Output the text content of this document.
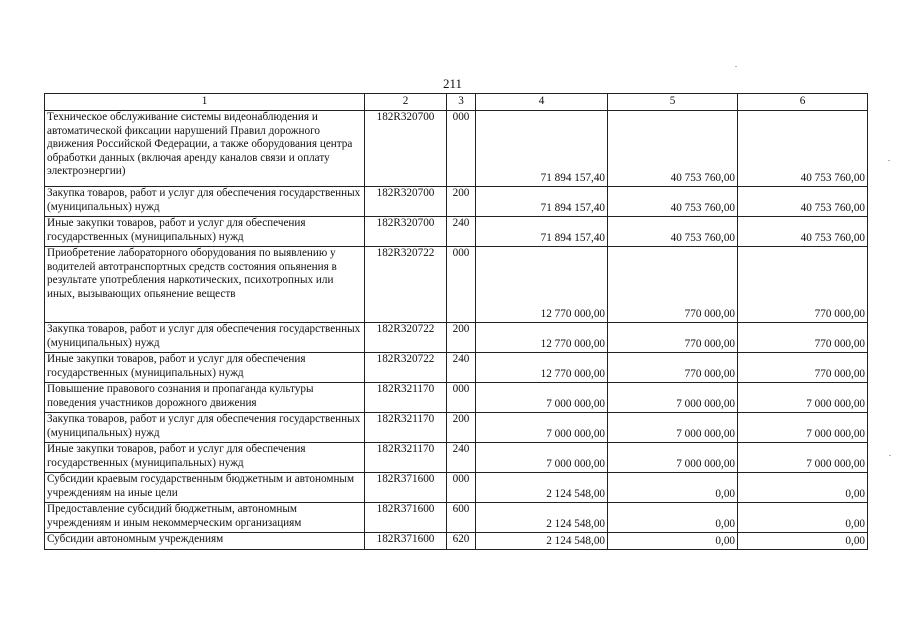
211
1	2	3	4	5	6
Техническое обслуживание системы видеонаблюдения и автоматической фиксации нарушений Правил дорожного движения Российской Федерации, а также оборудования центра обработки данных (включая аренду каналов связи и оплату электроэнергии)	182R320700	000	71 894 157,40	40 753 760,00	40 753 760,00
Закупка товаров, работ и услуг для обеспечения государственных (муниципальных) нужд	182R320700	200	71 894 157,40	40 753 760,00	40 753 760,00
Иные закупки товаров, работ и услуг для обеспечения государственных (муниципальных) нужд	182R320700	240	71 894 157,40	40 753 760,00	40 753 760,00
Приобретение лабораторного оборудования по выявлению у водителей автотранспортных средств состояния опьянения в результате употребления наркотических, психотропных или иных, вызывающих опьянение веществ	182R320722	000	12 770 000,00	770 000,00	770 000,00
Закупка товаров, работ и услуг для обеспечения государственных (муниципальных) нужд	182R320722	200	12 770 000,00	770 000,00	770 000,00
Иные закупки товаров, работ и услуг для обеспечения государственных (муниципальных) нужд	182R320722	240	12 770 000,00	770 000,00	770 000,00
Повышение правового сознания и пропаганда культуры поведения участников дорожного движения	182R321170	000	7 000 000,00	7 000 000,00	7 000 000,00
Закупка товаров, работ и услуг для обеспечения государственных (муниципальных) нужд	182R321170	200	7 000 000,00	7 000 000,00	7 000 000,00
Иные закупки товаров, работ и услуг для обеспечения государственных (муниципальных) нужд	182R321170	240	7 000 000,00	7 000 000,00	7 000 000,00
Субсидии краевым государственным бюджетным и автономным учреждениям на иные цели	182R371600	000	2 124 548,00	0,00	0,00
Предоставление субсидий бюджетным, автономным учреждениям и иным некоммерческим организациям	182R371600	600	2 124 548,00	0,00	0,00
Субсидии автономным учреждениям	182R371600	620	2 124 548,00	0,00	0,00
